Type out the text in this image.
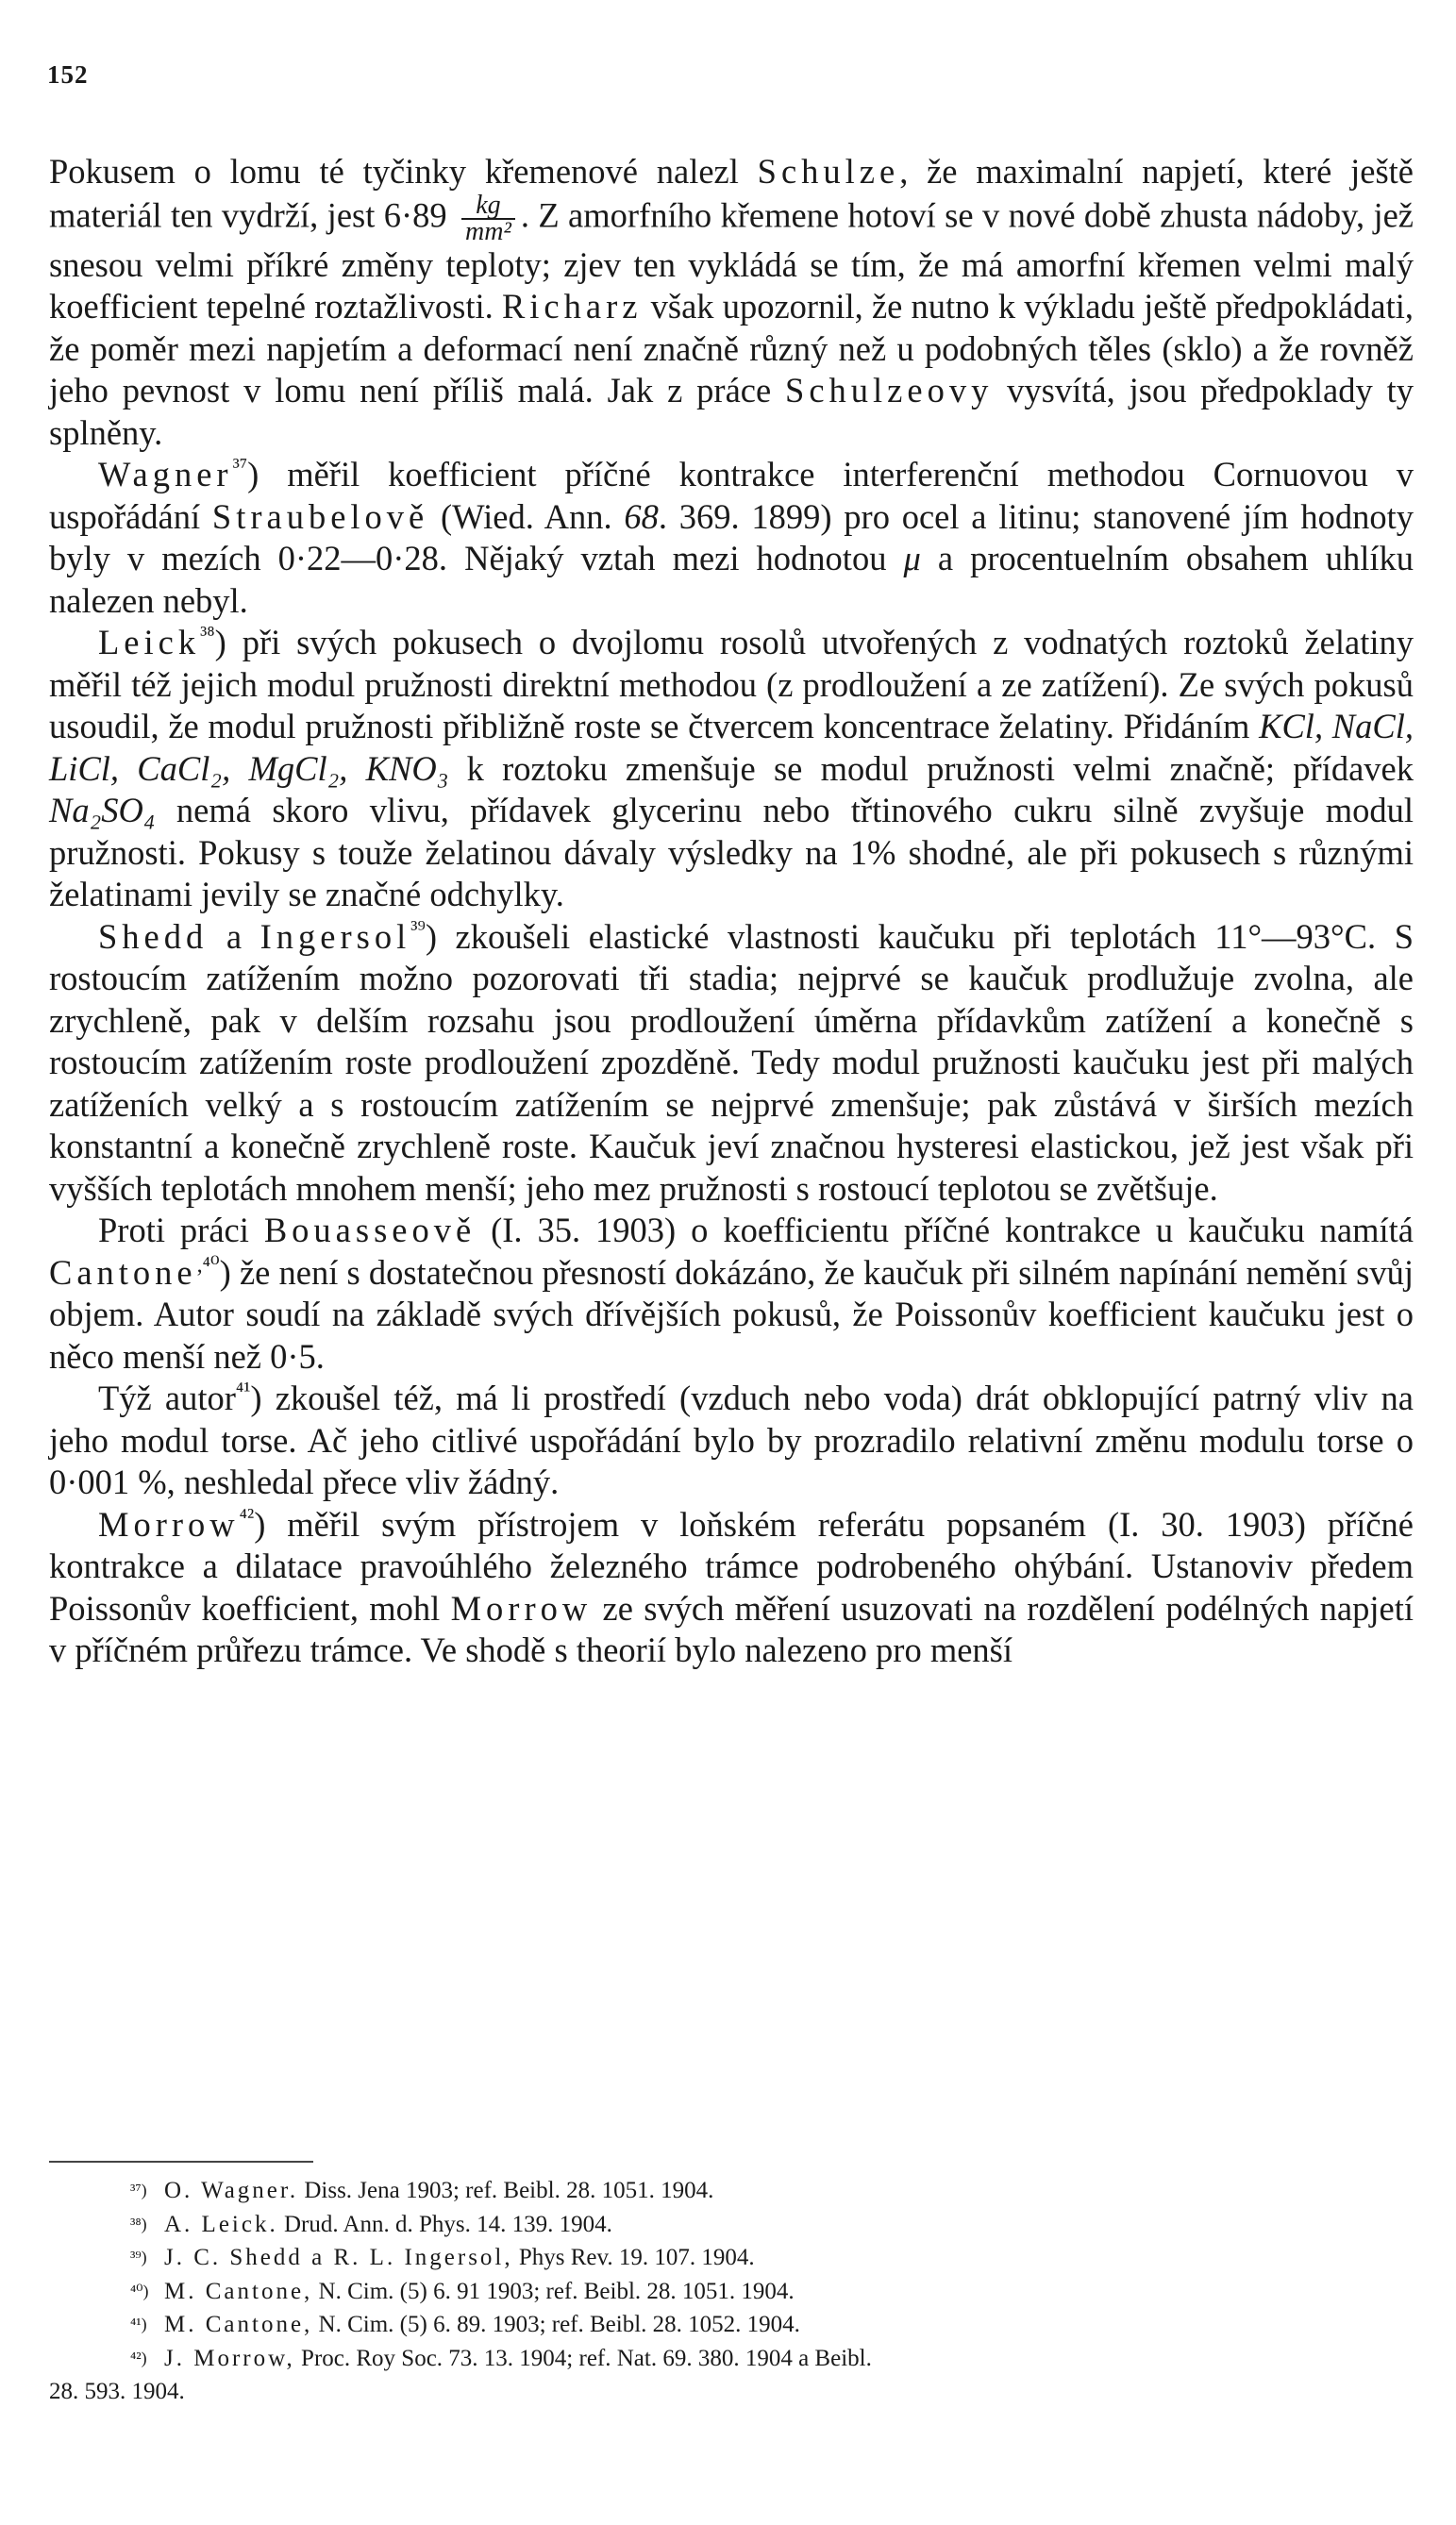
152

Pokusem o lomu té tyčinky křemenové nalezl Schulze, že maximalní napjetí, které ještě materiál ten vydrží, jest $6\cdot 89 \frac{kg}{\text{mm²}}$ . Z amorfního křemene hotoví se v nové době zhusta nádoby, jež snesou velmi příkré změny teploty; zjev ten vykládá se tím, že má amorfní křemen velmi malý koefficient tepelné roztažlivosti. Richarz však upozornil, že nutno k výkladu ještě předpokládati, že poměr mezi napjetím a deformací není značně různý než u podobných těles (sklo) a že rovněž jeho pevnost v lomu není příliš malá. Jak z práce Schulzeovy vysvítá, jsou předpoklady ty splněny.

Wagner$^{^{37}}$) měřil koefficient příčné kontrakce interferenční methodou Cornuovou v uspořádání Straubelově (Wied. Ann. 68. 369. 1899) pro ocel a litinu; stanovené jím hodnoty byly v mezích 0·22—0·28. Nějaký vztah mezi hodnotou μ a procentuelním obsahem uhlíku nalezen nebyl.

Leick$^{^{38}}$) při svých pokusech o dvojlomu rosolů utvořených z vodnatých roztoků želatiny měřil též jejich modul pružnosti direktní methodou (z prodloužení a ze zatížení). Ze svých pokusů usoudil, že modul pružnosti přibližně roste se čtvercem koncentrace želatiny. Přidáním KCl, NaCl, LiCl, CaCl₂, MgCl₂, KNO₃ k roztoku zmenšuje se modul pružnosti velmi značně; přídavek Na₂SO₄ nemá skoro vlivu, přídavek glycerinu nebo třtinového cukru silně zvyšuje modul pružnosti. Pokusy s touže želatinou dávaly výsledky na 1% shodné, ale při pokusech s různými želatinami jevily se značné odchylky.

Shedd a Ingersol$^{^{39}}$) zkoušeli elastické vlastnosti kaučuku při teplotách 11°—93°C. S rostoucím zatížením možno pozorovati tři stadia; nejprvé se kaučuk prodlužuje zvolna, ale zrychleně, pak v delším rozsahu jsou prodloužení úměrna přídavkům zatížení a konečně s rostoucím zatížením roste prodloužení zpozděně. Tedy modul pružnosti kaučuku jest při malých zatíženích velký a s rostoucím zatížením se nejprvé zmenšuje; pak zůstává v širších mezích konstantní a konečně zrychleně roste. Kaučuk jeví značnou hysteresi elastickou, jež jest však při vyšších teplotách mnohem menší; jeho mez pružnosti s rostoucí teplotou se zvětšuje.

Proti práci Bouasseově (I. 35. 1903) o koefficientu příčné kontrakce u kaučuku namítá Cantone$^{,^{40}}$) že není s dostatečnou přesností dokázáno, že kaučuk při silném napínání nemění svůj objem. Autor soudí na základě svých dřívějších pokusů, že Poissonův koefficient kaučuku jest o něco menší než 0·5.

Týž autor$^{^{41}}$) zkoušel též, má li prostředí (vzduch nebo voda) drát obklopující patrný vliv na jeho modul torse. Ač jeho citlivé uspořádání bylo by prozradilo relativní změnu modulu torse o 0·001 %, neshledal přece vliv žádný.

Morrow$^{^{42}}$) měřil svým přístrojem v loňském referátu popsaném (I. 30. 1903) příčné kontrakce a dilatace pravoúhlého železného trámce podrobeného ohýbání. Ustanoviv předem Poissonův koefficient, mohl Morrow ze svých měření usuzovati na rozdělení podélných napjetí v příčném průřezu trámce. Ve shodě s theorií bylo nalezeno pro menší

³⁷) O. Wagner. Diss. Jena 1903; ref. Beibl. 28. 1051. 1904.
³⁸) A. Leick. Drud. Ann. d. Phys. 14. 139. 1904.
³⁹) J. C. Shedd a R. L. Ingersol, Phys Rev. 19. 107. 1904.
⁴⁰) M. Cantone, N. Cim. (5) 6. 91 1903; ref. Beibl. 28. 1051. 1904.
⁴¹) M. Cantone, N. Cim. (5) 6. 89. 1903; ref. Beibl. 28. 1052. 1904.
⁴²) J. Morrow, Proc. Roy Soc. 73. 13. 1904; ref. Nat. 69. 380. 1904 a Beibl.
28. 593. 1904.
